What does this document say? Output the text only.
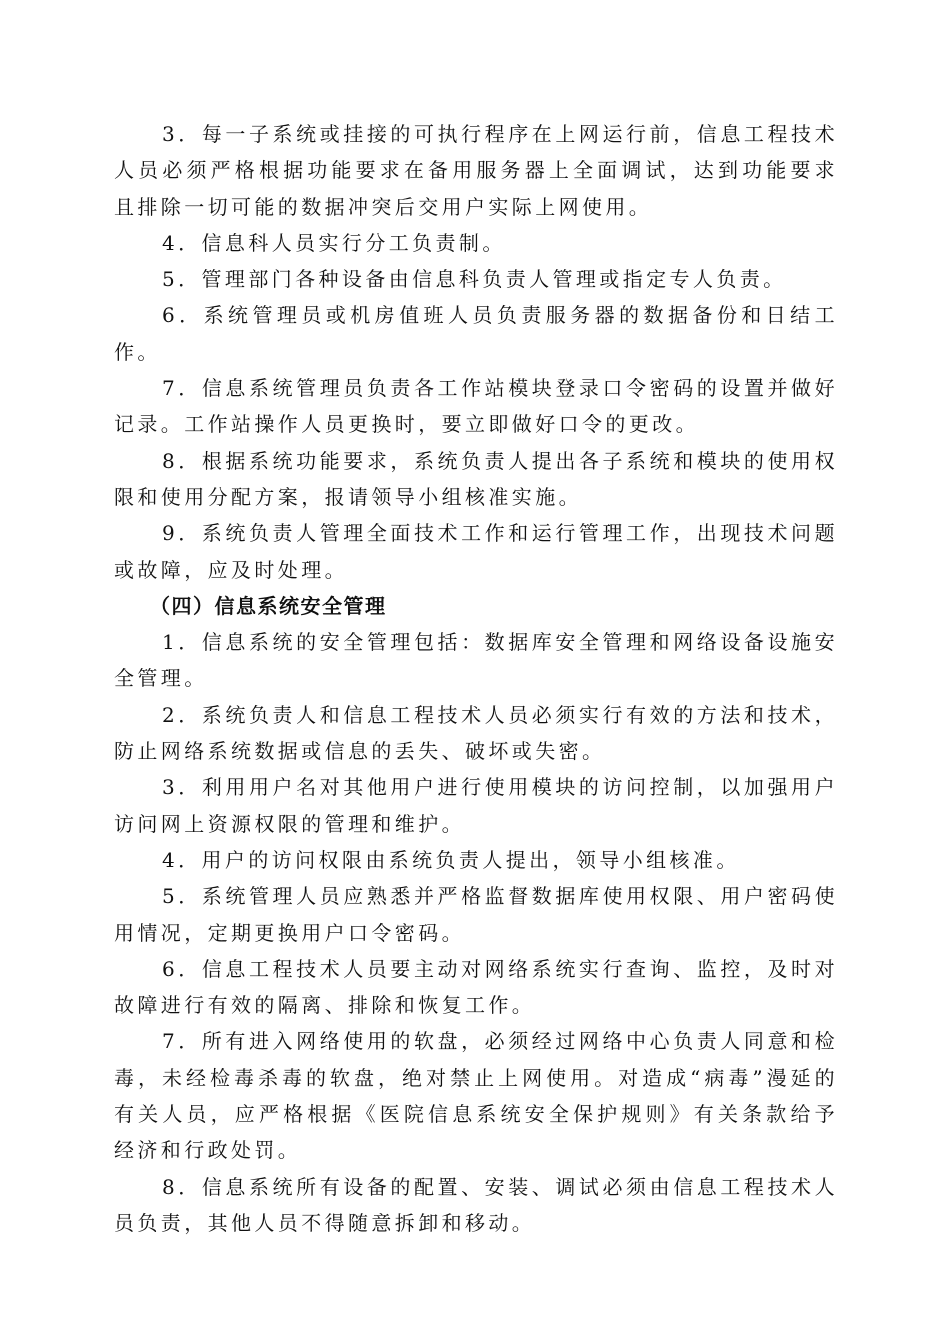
3．每一子系统或挂接的可执行程序在上网运行前，信息工程技术人员必须严格根据功能要求在备用服务器上全面调试，达到功能要求且排除一切可能的数据冲突后交用户实际上网使用。

4．信息科人员实行分工负责制。

5．管理部门各种设备由信息科负责人管理或指定专人负责。

6．系统管理员或机房值班人员负责服务器的数据备份和日结工作。

7．信息系统管理员负责各工作站模块登录口令密码的设置并做好记录。工作站操作人员更换时，要立即做好口令的更改。

8．根据系统功能要求，系统负责人提出各子系统和模块的使用权限和使用分配方案，报请领导小组核准实施。

9．系统负责人管理全面技术工作和运行管理工作，出现技术问题或故障，应及时处理。

（四）信息系统安全管理

1．信息系统的安全管理包括：数据库安全管理和网络设备设施安全管理。

2．系统负责人和信息工程技术人员必须实行有效的方法和技术，防止网络系统数据或信息的丢失、破坏或失密。

3．利用用户名对其他用户进行使用模块的访问控制，以加强用户访问网上资源权限的管理和维护。

4．用户的访问权限由系统负责人提出，领导小组核准。

5．系统管理人员应熟悉并严格监督数据库使用权限、用户密码使用情况，定期更换用户口令密码。

6．信息工程技术人员要主动对网络系统实行查询、监控，及时对故障进行有效的隔离、排除和恢复工作。

7．所有进入网络使用的软盘，必须经过网络中心负责人同意和检毒，未经检毒杀毒的软盘，绝对禁止上网使用。对造成“病毒”漫延的有关人员，应严格根据《医院信息系统安全保护规则》有关条款给予经济和行政处罚。

8．信息系统所有设备的配置、安装、调试必须由信息工程技术人员负责，其他人员不得随意拆卸和移动。
